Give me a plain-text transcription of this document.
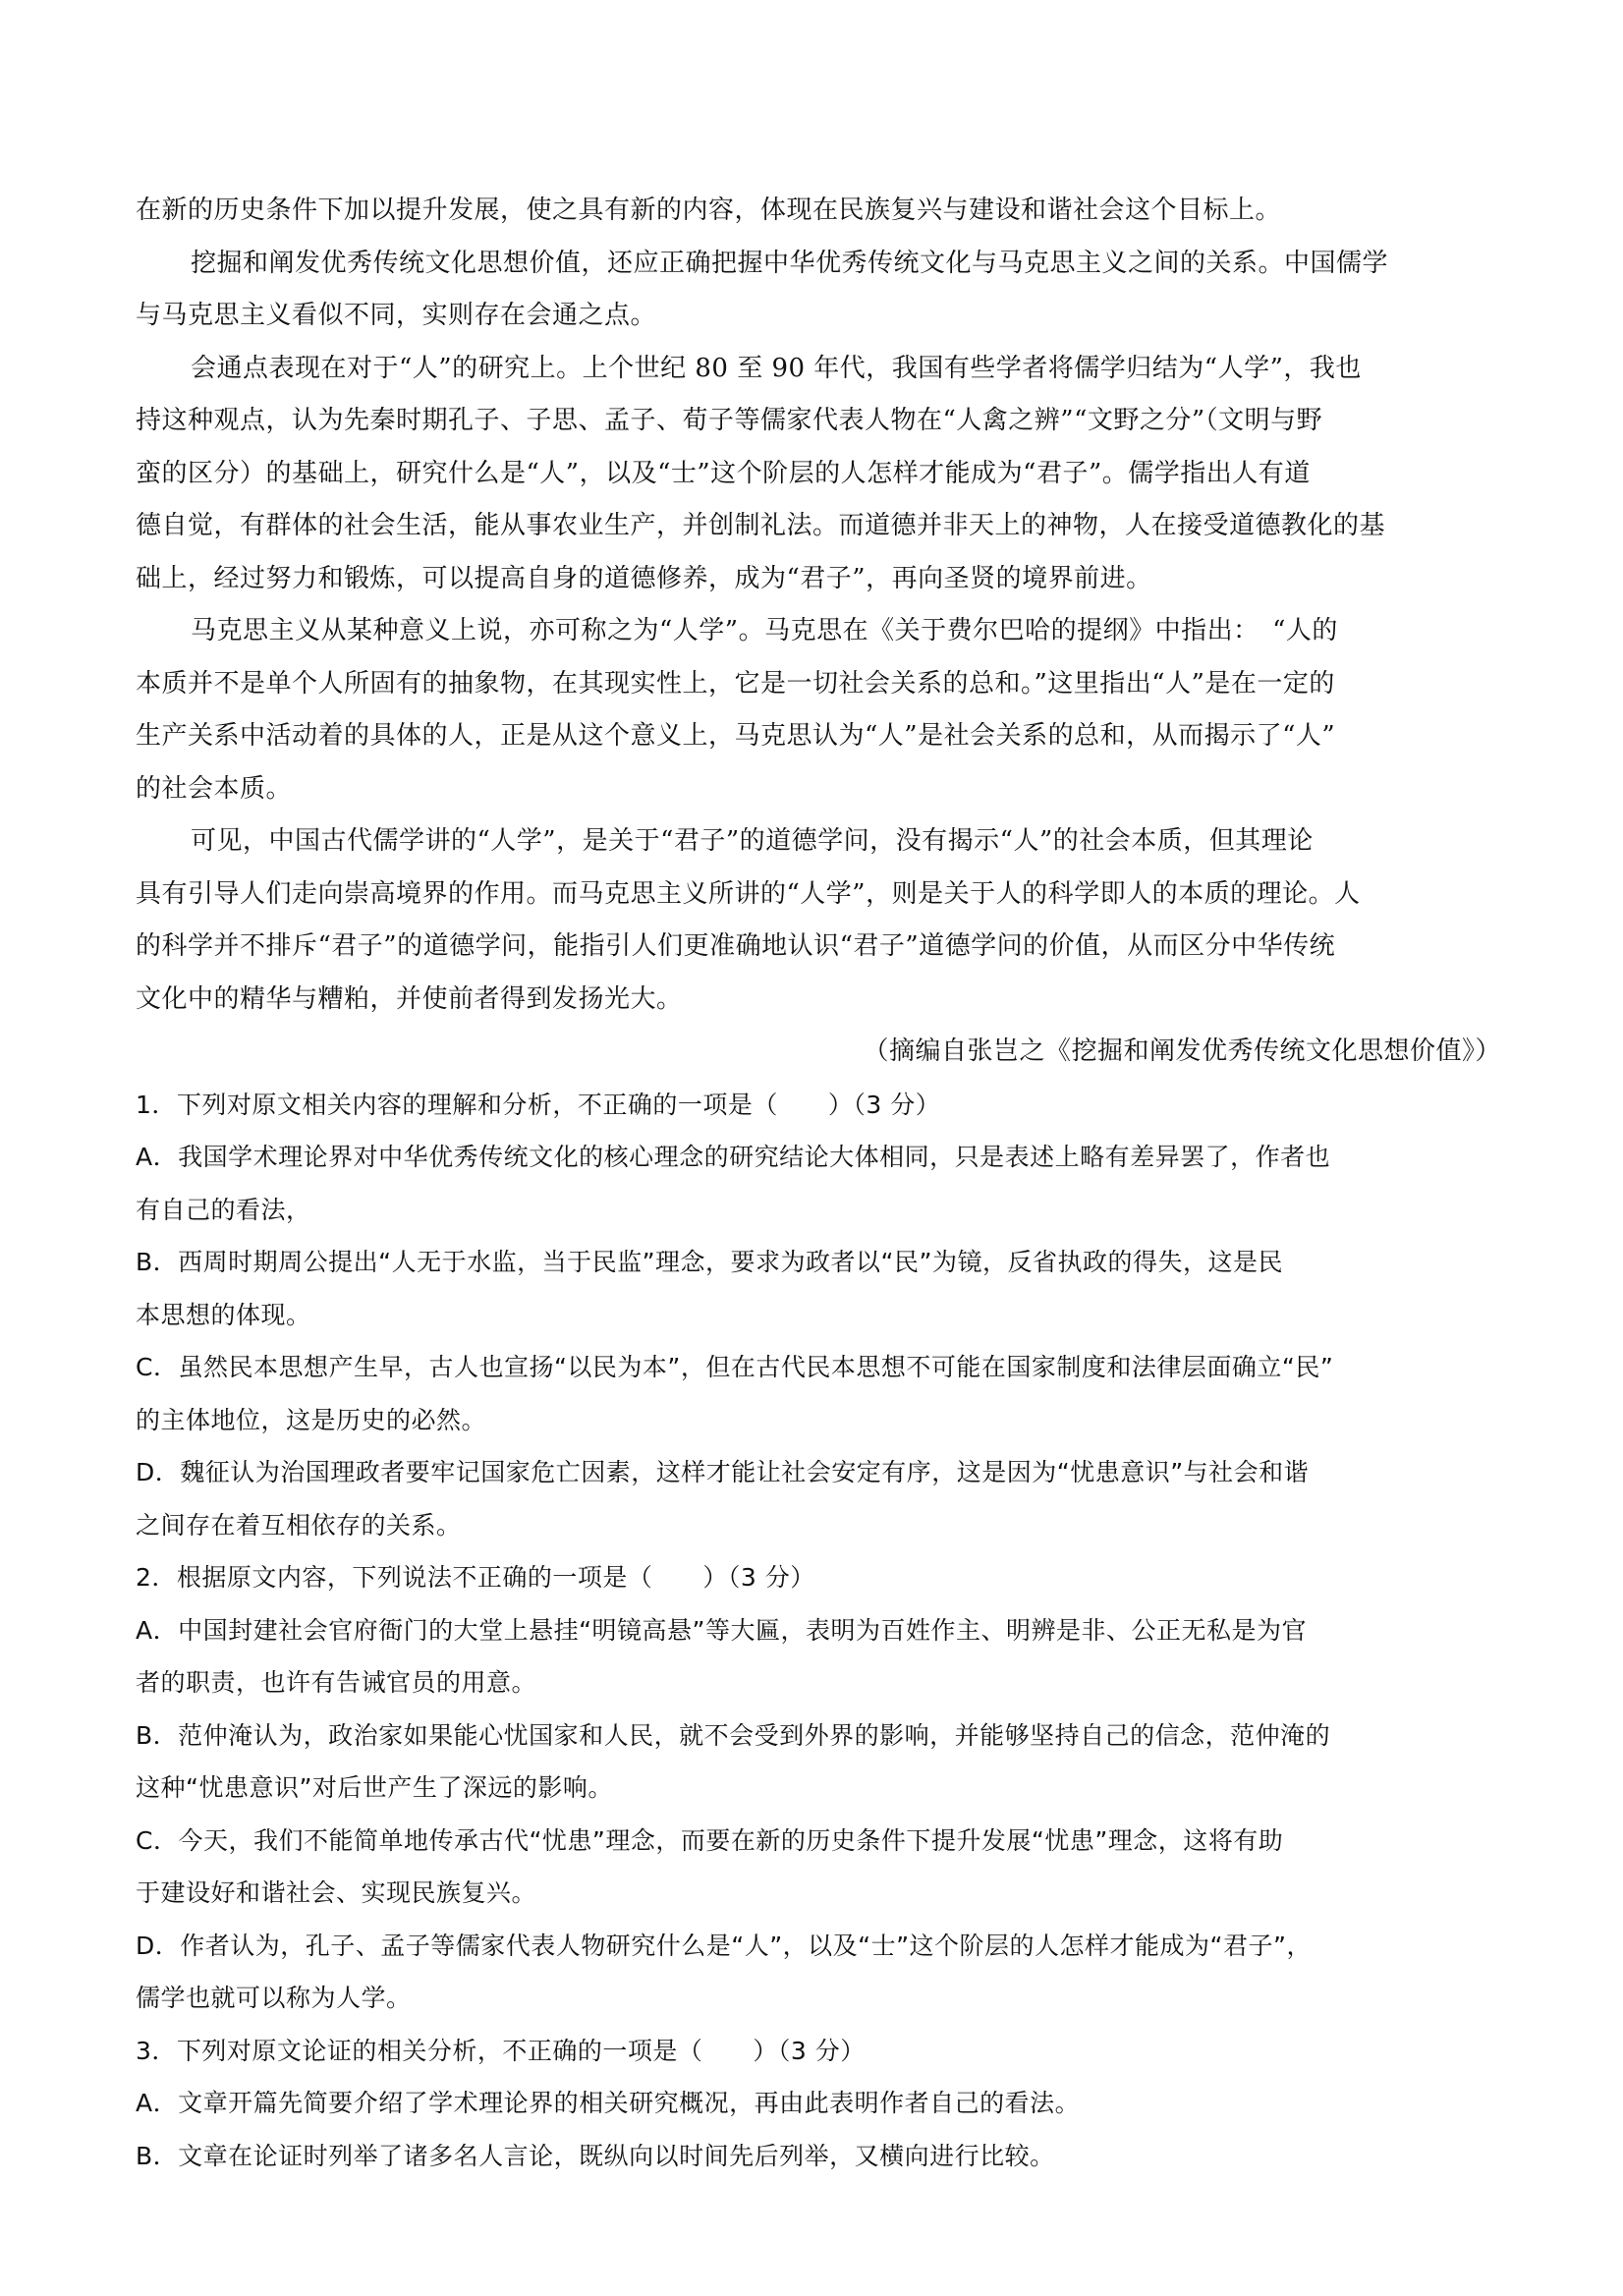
在新的历史条件下加以提升发展，使之具有新的内容，体现在民族复兴与建设和谐社会这个目标上。
挖掘和阐发优秀传统文化思想价值，还应正确把握中华优秀传统文化与马克思主义之间的关系。中国儒学
与马克思主义看似不同，实则存在会通之点。
会通点表现在对于“人”的研究上。上个世纪 80 至 90 年代，我国有些学者将儒学归结为“人学”，我也
持这种观点，认为先秦时期孔子、子思、孟子、荀子等儒家代表人物在“人禽之辨”“文野之分”（文明与野
蛮的区分）的基础上，研究什么是“人”，以及“士”这个阶层的人怎样才能成为“君子”。儒学指出人有道
德自觉，有群体的社会生活，能从事农业生产，并创制礼法。而道德并非天上的神物，人在接受道德教化的基
础上，经过努力和锻炼，可以提高自身的道德修养，成为“君子”，再向圣贤的境界前进。
马克思主义从某种意义上说，亦可称之为“人学”。马克思在《关于费尔巴哈的提纲》中指出：　“人的
本质并不是单个人所固有的抽象物，在其现实性上，它是一切社会关系的总和。”这里指出“人”是在一定的
生产关系中活动着的具体的人，正是从这个意义上，马克思认为“人”是社会关系的总和，从而揭示了“人”
的社会本质。
可见，中国古代儒学讲的“人学”，是关于“君子”的道德学问，没有揭示“人”的社会本质，但其理论
具有引导人们走向崇高境界的作用。而马克思主义所讲的“人学”，则是关于人的科学即人的本质的理论。人
的科学并不排斥“君子”的道德学问，能指引人们更准确地认识“君子”道德学问的价值，从而区分中华传统
文化中的精华与糟粕，并使前者得到发扬光大。
（摘编自张岂之《挖掘和阐发优秀传统文化思想价值》）
1．下列对原文相关内容的理解和分析，不正确的一项是（　　）（3 分）
A．我国学术理论界对中华优秀传统文化的核心理念的研究结论大体相同，只是表述上略有差异罢了，作者也
有自己的看法，
B．西周时期周公提出“人无于水监，当于民监”理念，要求为政者以“民”为镜，反省执政的得失，这是民
本思想的体现。
C．虽然民本思想产生早，古人也宣扬“以民为本”，但在古代民本思想不可能在国家制度和法律层面确立“民”
的主体地位，这是历史的必然。
D．魏征认为治国理政者要牢记国家危亡因素，这样才能让社会安定有序，这是因为“忧患意识”与社会和谐
之间存在着互相依存的关系。
2．根据原文内容，下列说法不正确的一项是（　　）（3 分）
A．中国封建社会官府衙门的大堂上悬挂“明镜高悬”等大匾，表明为百姓作主、明辨是非、公正无私是为官
者的职责，也许有告诫官员的用意。
B．范仲淹认为，政治家如果能心忧国家和人民，就不会受到外界的影响，并能够坚持自己的信念，范仲淹的
这种“忧患意识”对后世产生了深远的影响。
C．今天，我们不能简单地传承古代“忧患”理念，而要在新的历史条件下提升发展“忧患”理念，这将有助
于建设好和谐社会、实现民族复兴。
D．作者认为，孔子、孟子等儒家代表人物研究什么是“人”，以及“士”这个阶层的人怎样才能成为“君子”，
儒学也就可以称为人学。
3．下列对原文论证的相关分析，不正确的一项是（　　）（3 分）
A．文章开篇先简要介绍了学术理论界的相关研究概况，再由此表明作者自己的看法。
B．文章在论证时列举了诸多名人言论，既纵向以时间先后列举，又横向进行比较。
